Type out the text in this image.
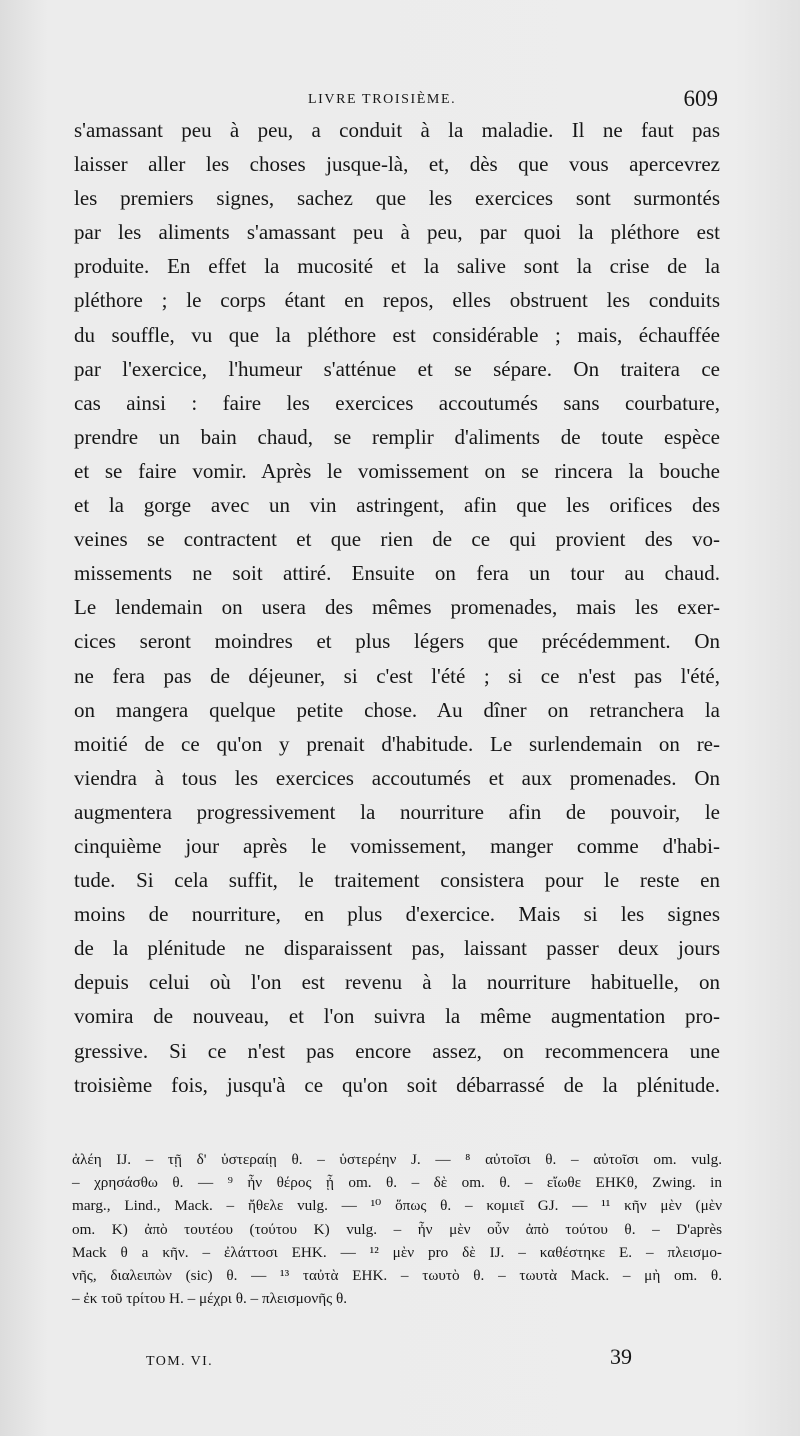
LIVRE TROISIÈME.	609
s'amassant peu à peu, a conduit à la maladie. Il ne faut pas
laisser aller les choses jusque-là, et, dès que vous apercevrez
les premiers signes, sachez que les exercices sont surmontés
par les aliments s'amassant peu à peu, par quoi la pléthore est
produite. En effet la mucosité et la salive sont la crise de la
pléthore ; le corps étant en repos, elles obstruent les conduits
du souffle, vu que la pléthore est considérable ; mais, échauffée
par l'exercice, l'humeur s'atténue et se sépare. On traitera ce
cas ainsi : faire les exercices accoutumés sans courbature,
prendre un bain chaud, se remplir d'aliments de toute espèce
et se faire vomir. Après le vomissement on se rincera la bouche
et la gorge avec un vin astringent, afin que les orifices des
veines se contractent et que rien de ce qui provient des vo-
missements ne soit attiré. Ensuite on fera un tour au chaud.
Le lendemain on usera des mêmes promenades, mais les exer-
cices seront moindres et plus légers que précédemment. On
ne fera pas de déjeuner, si c'est l'été ; si ce n'est pas l'été,
on mangera quelque petite chose. Au dîner on retranchera la
moitié de ce qu'on y prenait d'habitude. Le surlendemain on re-
viendra à tous les exercices accoutumés et aux promenades. On
augmentera progressivement la nourriture afin de pouvoir, le
cinquième jour après le vomissement, manger comme d'habi-
tude. Si cela suffit, le traitement consistera pour le reste en
moins de nourriture, en plus d'exercice. Mais si les signes
de la plénitude ne disparaissent pas, laissant passer deux jours
depuis celui où l'on est revenu à la nourriture habituelle, on
vomira de nouveau, et l'on suivra la même augmentation pro-
gressive. Si ce n'est pas encore assez, on recommencera une
troisième fois, jusqu'à ce qu'on soit débarrassé de la plénitude.
ἀλέη IJ. – τῇ δ' ὑστεραίῃ θ. – ὑστερέην J. — ⁸ αὐτοῖσι θ. – αὐτοῖσι om. vulg.
– χρησάσθω θ. — ⁹ ἦν θέρος ᾖ om. θ. – δὲ om. θ. – εἴωθε EHKθ, Zwing. in
marg., Lind., Mack. – ἤθελε vulg. — ¹⁰ ὅπως θ. – κομιεῖ GJ. — ¹¹ κῆν μὲν (μὲν
om. K) ἀπὸ τουτέου (τούτου K) vulg. – ἦν μὲν οὖν ἀπὸ τούτου θ. – D'après
Mack θ a κῆν. – ἐλάττοσι EHK. — ¹² μὲν pro δὲ IJ. – καθέστηκε E. – πλεισμο-
νῆς, διαλειπὼν (sic) θ. — ¹³ ταὐτὰ EHK. – τωυτὸ θ. – τωυτὰ Mack. – μὴ om. θ.
– ἐκ τοῦ τρίτου H. – μέχρι θ. – πλεισμονῆς θ.
TOM. VI.	39
